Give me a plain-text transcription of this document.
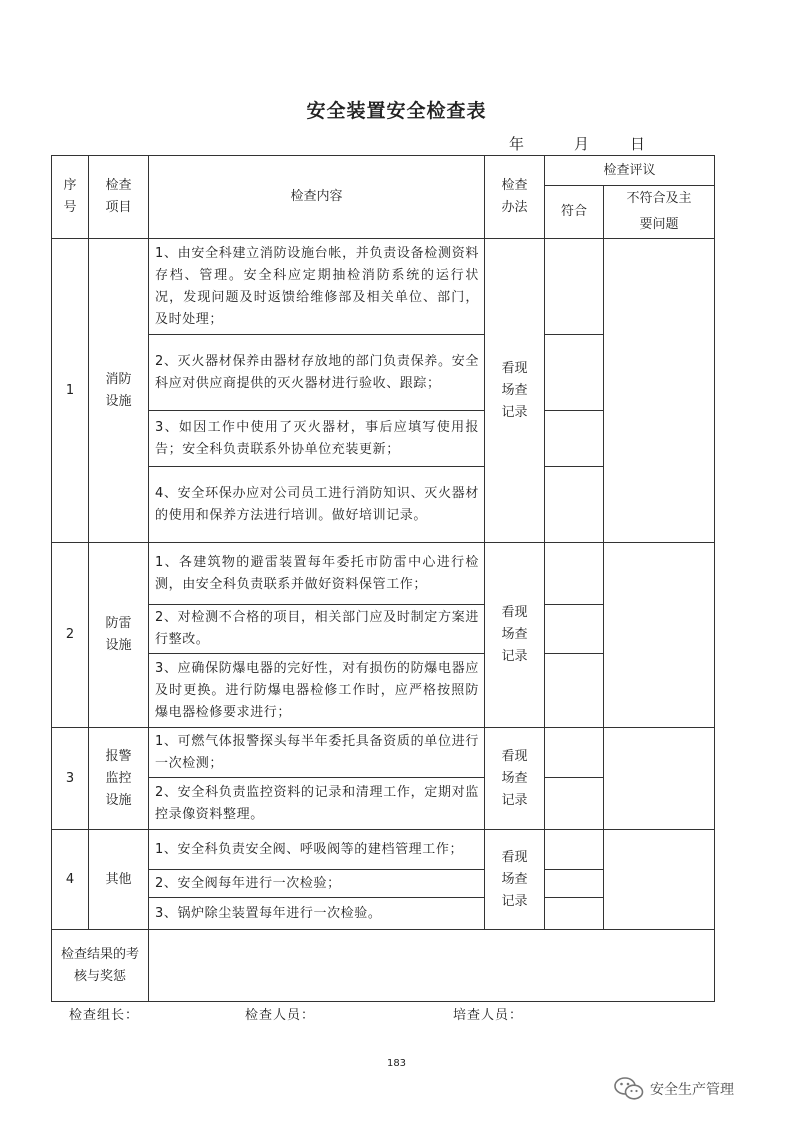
安全装置安全检查表
年	月	日
序号	检查项目	检查内容	检查办法	检查评议	
				符合	不符合及主要问题
1	消防设施	1、由安全科建立消防设施台帐，并负责设备检测资料存档、管理。安全科应定期抽检消防系统的运行状况，发现问题及时返馈给维修部及相关单位、部门，及时处理；	看现场查记录		
		2、灭火器材保养由器材存放地的部门负责保养。安全科应对供应商提供的灭火器材进行验收、跟踪；			
		3、如因工作中使用了灭火器材，事后应填写使用报告；安全科负责联系外协单位充装更新；			
		4、安全环保办应对公司员工进行消防知识、灭火器材的使用和保养方法进行培训。做好培训记录。			
2	防雷设施	1、各建筑物的避雷装置每年委托市防雷中心进行检测，由安全科负责联系并做好资料保管工作；	看现场查记录		
		2、对检测不合格的项目，相关部门应及时制定方案进行整改。			
		3、应确保防爆电器的完好性，对有损伤的防爆电器应及时更换。进行防爆电器检修工作时，应严格按照防爆电器检修要求进行；			
3	报警监控设施	1、可燃气体报警探头每半年委托具备资质的单位进行一次检测；	看现场查记录		
		2、安全科负责监控资料的记录和清理工作，定期对监控录像资料整理。			
4	其他	1、安全科负责安全阀、呼吸阀等的建档管理工作；	看现场查记录		
		2、安全阀每年进行一次检验；			
		3、锅炉除尘装置每年进行一次检验。			
检查结果的考核与奖惩					
检查组长：	检查人员：	培查人员：
183
安全生产管理
